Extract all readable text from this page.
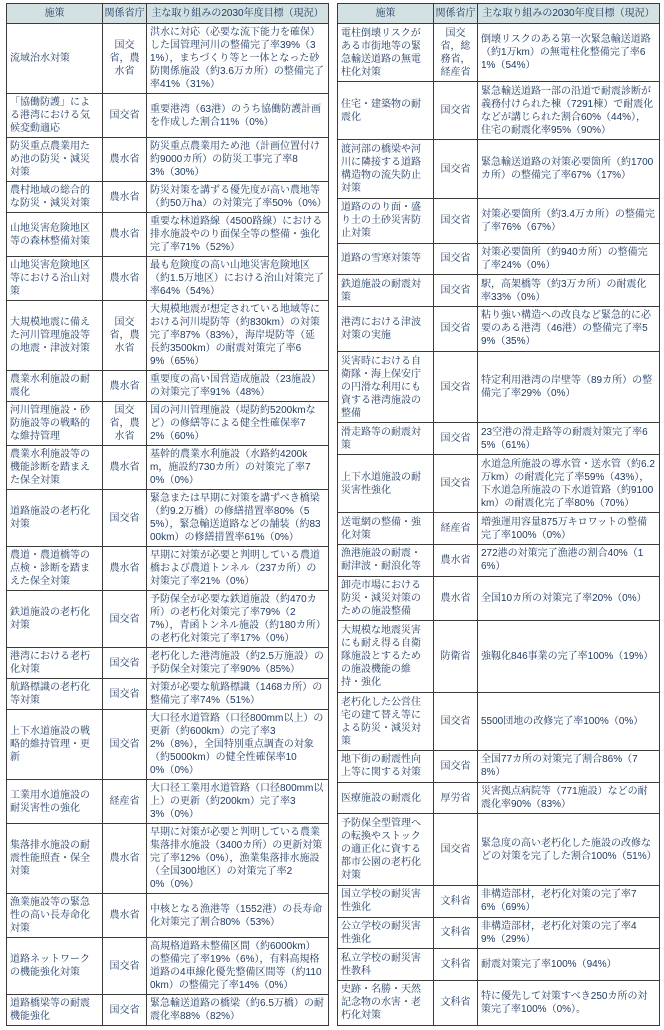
施策	関係省庁	主な取り組みの2030年度目標（現況）
流域治水対策	国交省，農水省	洪水に対応（必要な流下能力を確保）した国管理河川の整備完了率39%（31%），まちづくり等と一体となった砂防関係施設（約3.6万カ所）の整備完了率41%（31%）
「協働防護」による港湾における気候変動適応	国交省	重要港湾（63港）のうち協働防護計画を作成した割合11%（0%）
防災重点農業用ため池の防災・減災対策	農水省	防災重点農業用ため池（計画位置付け約9000カ所）の防災工事完了率83%（30%）
農村地域の総合的な防災・減災対策	農水省	防災対策を講ずる優先度が高い農地等（約50万ha）の対策完了率50%（0%）
山地災害危険地区等の森林整備対策	農水省	重要な林道路線（4500路線）における排水施設やのり面保全等の整備・強化完了率71%（52%）
山地災害危険地区等における治山対策	農水省	最も危険度の高い山地災害危険地区（約1.5万地区）における治山対策完了率64%（54%）
大規模地震に備えた河川管理施設等の地震・津波対策	国交省，農水省	大規模地震が想定されている地域等における河川堤防等（約830km）の対策完了率87%（83%），海岸堤防等（延長約3500km）の耐震対策完了率69%（65%）
農業水利施設の耐震化	農水省	重要度の高い国営造成施設（23施設）の対策完了率91%（48%）
河川管理施設・砂防施設等の戦略的な維持管理	国交省，農水省	国の河川管理施設（堤防約5200kmなど）の修繕等による健全性確保率72%（60%）
農業水利施設等の機能診断を踏まえた保全対策	農水省	基幹的農業水利施設（水路約4200km，施設約730カ所）の対策完了率70%（0%）
道路施設の老朽化対策	国交省	緊急または早期に対策を講ずべき橋梁（約9.2万橋）の修繕措置率80%（55%），緊急輸送道路などの舗装（約8300km）の修繕措置率61%（0%）
農道・農道橋等の点検・診断を踏まえた保全対策	農水省	早期に対策が必要と判明している農道橋および農道トンネル（237カ所）の対策完了率21%（0%）
鉄道施設の老朽化対策	国交省	予防保全が必要な鉄道施設（約470カ所）の老朽化対策完了率79%（27%），青函トンネル施設（約180カ所）の老朽化対策完了率17%（0%）
港湾における老朽化対策	国交省	老朽化した港湾施設（約2.5万施設）の予防保全対策完了率90%（85%）
航路標識の老朽化等対策	国交省	対策が必要な航路標識（1468カ所）の整備完了率74%（51%）
上下水道施設の戦略的維持管理・更新	国交省	大口径水道管路（口径800mm以上）の更新（約600km）の完了率32%（8%），全国特別重点調査の対象（約5000km）の健全性確保率100%（0%）
工業用水道施設の耐災害性の強化	経産省	大口径工業用水道管路（口径800mm以上）の更新（約200km）完了率33%（0%）
集落排水施設の耐震性能照査・保全対策	農水省	早期に対策が必要と判明している農業集落排水施設（3400カ所）の更新対策完了率12%（0%），漁業集落排水施設（全国300地区）の対策完了率20%（0%）
漁業施設等の緊急性の高い長寿命化対策	農水省	中核となる漁港等（1552港）の長寿命化対策完了割合80%（53%）
道路ネットワークの機能強化対策	国交省	高規格道路未整備区間（約6000km）の整備完了率19%（6%），有料高規格道路の4車線化優先整備区間等（約1100km）の整備完了率14%（0%）
道路橋梁等の耐震機能強化	国交省	緊急輸送道路の橋梁（約6.5万橋）の耐震化率88%（82%）
施策	関係省庁	主な取り組みの2030年度目標（現況）
電柱倒壊リスクがある市街地等の緊急輸送道路の無電柱化対策	国交省，総務省，経産省	倒壊リスクのある第一次緊急輸送道路（約1万km）の無電柱化整備完了率61%（54%）
住宅・建築物の耐震化	国交省	緊急輸送道路一部の沿道で耐震診断が義務付けられた棟（7291棟）で耐震化などが講じられた割合60%（44%），住宅の耐震化率95%（90%）
渡河部の橋梁や河川に隣接する道路構造物の流失防止対策	国交省	緊急輸送道路の対策必要箇所（約1700カ所）の整備完了率67%（17%）
道路ののり面・盛り土の土砂災害防止対策	国交省	対策必要箇所（約3.4万カ所）の整備完了率76%（67%）
道路の雪寒対策等	国交省	対策必要箇所（約940カ所）の整備完了率24%（0%）
鉄道施設の耐震対策	国交省	駅，高架橋等（約3万カ所）の耐震化率33%（0%）
港湾における津波対策の実施	国交省	粘り強い構造への改良など緊急的に必要のある港湾（46港）の整備完了率59%（35%）
災害時における自衛隊・海上保安庁の円滑な利用にも資する港湾施設の整備	国交省	特定利用港湾の岸壁等（89カ所）の整備完了率29%（0%）
滑走路等の耐震対策	国交省	23空港の滑走路等の耐震対策完了率65%（61%）
上下水道施設の耐災害性強化	国交省	水道急所施設の導水管・送水管（約6.2万km）の耐震化完了率59%（43%），下水道急所施設の下水道管路（約9100km）の耐震化完了率80%（70%）
送電網の整備・強化対策	経産省	増強運用容量875万キロワットの整備完了率100%（0%）
漁港施設の耐震・耐津波・耐浪化等	農水省	272港の対策完了漁港の割合40%（16%）
卸売市場における防災・減災対策のための施設整備	農水省	全国10カ所の対策完了率20%（0%）
大規模な地震災害にも耐え得る自衛隊施設とするための施設機能の維持・強化	防衛省	強靱化846事業の完了率100%（19%）
老朽化した公営住宅の建て替え等による防災・減災対策	国交省	5500団地の改修完了率100%（0%）
地下街の耐震性向上等に関する対策	国交省	全国77カ所の対策完了割合86%（78%）
医療施設の耐震化	厚労省	災害拠点病院等（771施設）などの耐震化率90%（83%）
予防保全型管理への転換やストックの適正化に資する都市公園の老朽化対策	国交省	緊急度の高い老朽化した施設の改修などの対策を完了した割合100%（51%）
国立学校の耐災害性強化	文科省	非構造部材，老朽化対策の完了率76%（69%）
公立学校の耐災害性強化	文科省	非構造部材，老朽化対策の完了率49%（29%）
私立学校の耐災害性教科	文科省	耐震対策完了率100%（94%）
史跡・名勝・天然記念物の水害・老朽化対策	文科省	特に優先して対策すべき250カ所の対策完了率100%（0%）。
